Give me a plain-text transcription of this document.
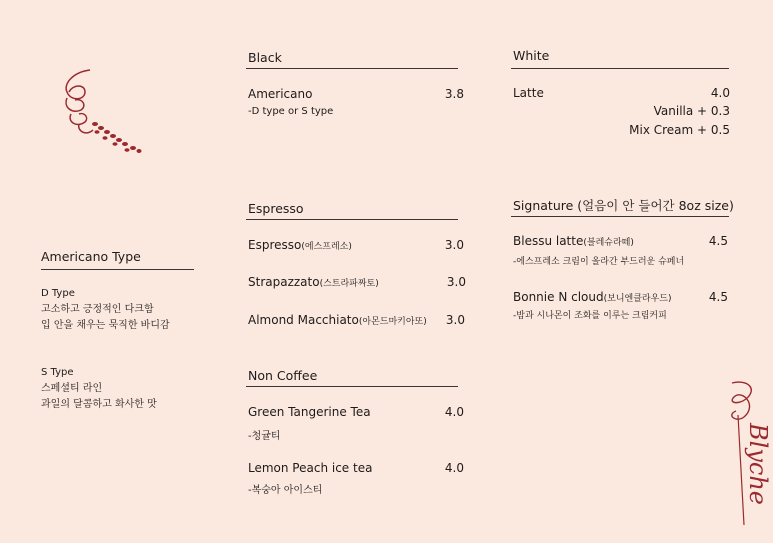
Americano Type
D Type
고소하고 긍정적인 다크함
입 안을 채우는 묵직한 바디감
S Type
스페셜티 라인
과일의 달콤하고 화사한 맛
Black
Americano	3.8
-D type or S type
Espresso
Espresso(에스프레소)	3.0
Strapazzato(스트라파짜토)	3.0
Almond Macchiato(아몬드마키아또)	3.0
Non Coffee
Green Tangerine Tea	4.0
-청귤티
Lemon Peach ice tea	4.0
-복숭아 아이스티
White
Latte	4.0
Vanilla + 0.3
Mix Cream + 0.5
Signature (얼음이 안 들어간 8oz size)
Blessu latte(블레슈라떼)	4.5
-에스프레소 크림이 올라간 부드러운 슈페너
Bonnie N cloud(보니엔클라우드)	4.5
-밤과 시나몬이 조화를 이루는 크림커피
Blyche
